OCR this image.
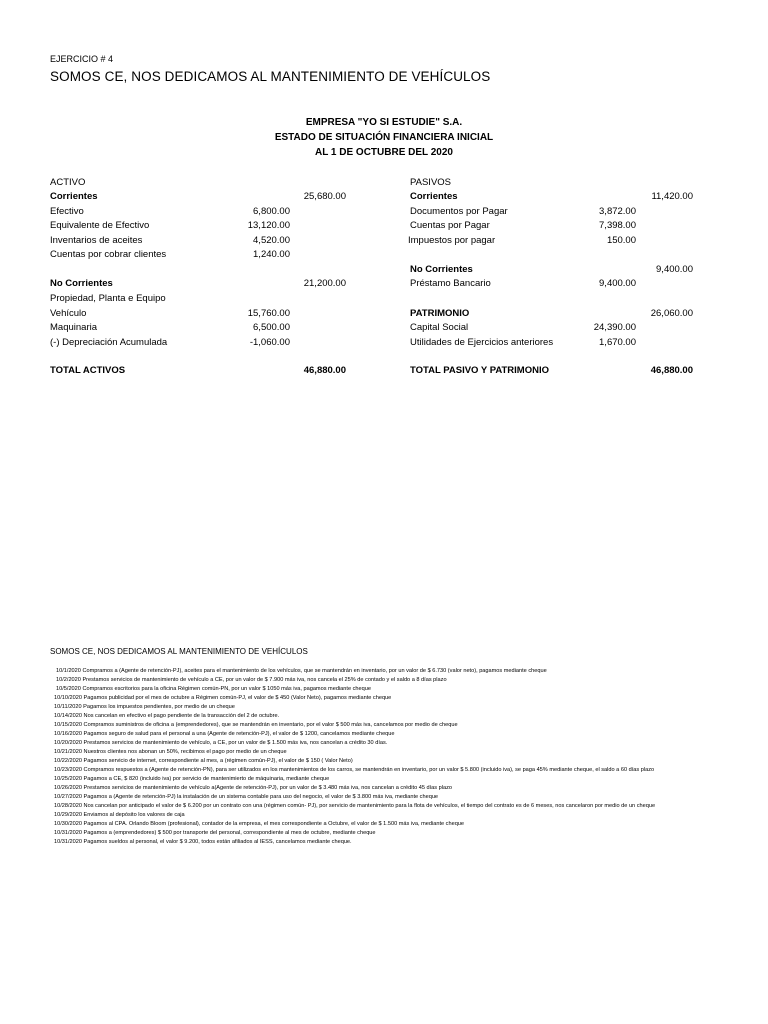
EJERCICIO # 4
SOMOS CE, NOS DEDICAMOS AL MANTENIMIENTO DE VEHÍCULOS
EMPRESA "YO SI ESTUDIE" S.A.
ESTADO DE SITUACIÓN FINANCIERA INICIAL
AL 1 DE OCTUBRE DEL 2020
ACTIVO
Corrientes	25,680.00
Efectivo	6,800.00
Equivalente de Efectivo	13,120.00
Inventarios de aceites	4,520.00
Cuentas por cobrar clientes	1,240.00
No Corrientes	21,200.00
Propiedad, Planta e Equipo
Vehículo	15,760.00
Maquinaria	6,500.00
(-) Depreciación Acumulada	-1,060.00
TOTAL ACTIVOS	46,880.00
PASIVOS
Corrientes	11,420.00
Documentos por Pagar	3,872.00
Cuentas por Pagar	7,398.00
Impuestos por pagar	150.00
No Corrientes	9,400.00
Préstamo Bancario	9,400.00
PATRIMONIO	26,060.00
Capital Social	24,390.00
Utilidades de Ejercicios anteriores	1,670.00
TOTAL PASIVO Y PATRIMONIO	46,880.00
SOMOS CE, NOS DEDICAMOS AL MANTENIMIENTO DE VEHÍCULOS
10/1/2020 Compramos a (Agente de retención-PJ), aceites para el mantenimiento de los vehículos, que se mantendrán en inventario, por un valor de $ 6.730 (valor neto), pagamos mediante cheque
10/2/2020 Prestamos servicios de mantenimiento de vehículo a CE, por un valor de $ 7.900 más iva, nos cancela el 25% de contado y el saldo a 8 días plazo
10/5/2020 Compramos escritorios para la oficina Régimen común-PN, por un valor $ 1050 más iva, pagamos mediante cheque
10/10/2020 Pagamos publicidad por el mes de octubre a Régimen común-PJ, el valor de $ 450 (Valor Neto), pagamos mediante cheque
10/11/2020 Pagamos los impuestos pendientes, por medio de un cheque
10/14/2020 Nos cancelan en efectivo el pago pendiente de la transacción del 2 de octubre.
10/15/2020 Compramos suministros de oficina a (emprendedores), que se mantendrán en inventario, por el valor $ 500 más iva, cancelamos por medio de cheque
10/16/2020 Pagamos seguro de salud para el personal a una (Agente de retención-PJ), el valor de $ 1200, cancelamos mediante cheque
10/20/2020 Prestamos servicios de mantenimiento de vehículo, a CE, por un valor de $ 1.500 más iva, nos cancelan a crédito 30 días.
10/21/2020 Nuestros clientes nos abonan un 50%, recibimos el pago por medio de un cheque
10/22/2020 Pagamos servicio de internet, correspondiente al mes, a (régimen común-PJ), el valor de $ 150 ( Valor Neto)
10/23/2020 Compramos respuestos a (Agente de retención-PN), para ser utilizados en los mantenimientos de los carros, se mantendrán en inventario, por un valor $ 5.800 (incluido iva), se paga 45% mediante cheque, el saldo a 60 días plazo
10/25/2020 Pagamos a CE, $ 820 (incluido iva) por servicio de mantenimierto de máquinaria, mediante cheque
10/26/2020 Prestamos servicios de mantenimiento de vehículo a(Agente de retención-PJ), por un valor de $ 3.480 más iva, nos cancelan a crédito 45 días plazo
10/27/2020 Pagamos a (Agente de retención-PJ) la instalación de un sistema contable para uso del negocio, el valor de $ 3.800 más iva, mediante cheque
10/28/2020 Nos cancelan por anticipado el valor de $ 6.200 por un contrato con una (régimen común- PJ), por servicio de mantenimiento para la flota de vehículos, el tiempo del contrato es de 6 meses, nos cancelaron por medio de un cheque
10/29/2020 Enviamos al depósito los valores de caja
10/30/2020 Pagamos al CPA. Orlando Bloom (profesional), contador de la empresa, el mes correspondiente a Octubre, el valor de $ 1.500 más iva, mediante cheque
10/31/2020 Pagamos a (emprendedores) $ 500 por transporte del personal, correspondiente al mes de octubre, mediante cheque
10/31/2020 Pagamos sueldos al personal, el valor $ 9.200, todos están afiliados al IESS, cancelamos mediante cheque.
